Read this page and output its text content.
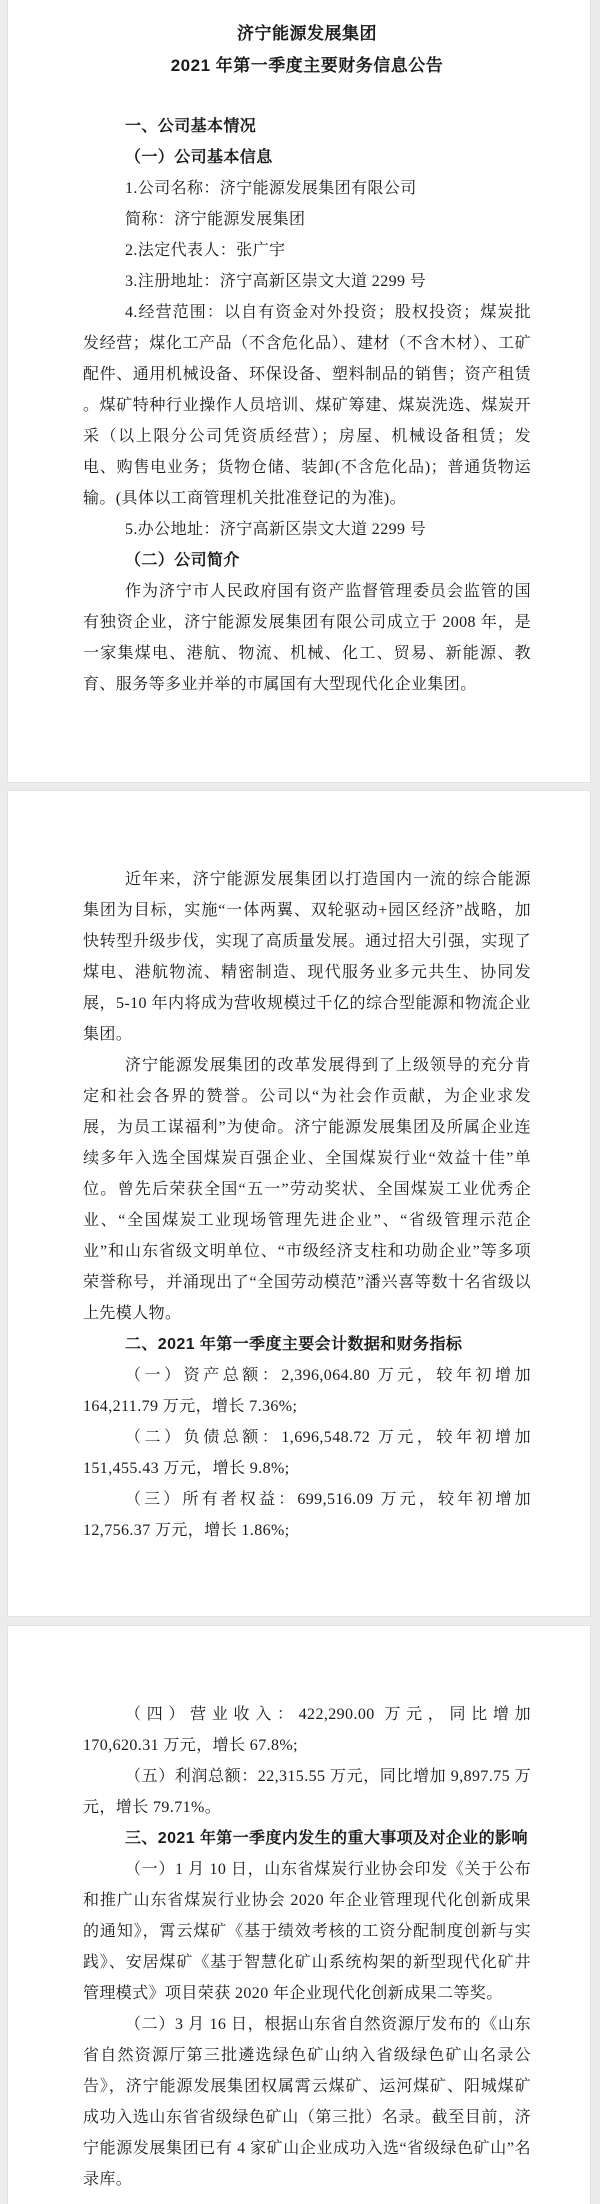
济宁能源发展集团

2021 年第一季度主要财务信息公告

一、公司基本情况

（一）公司基本信息

1.公司名称：济宁能源发展集团有限公司

简称：济宁能源发展集团

2.法定代表人：张广宇

3.注册地址：济宁高新区崇文大道 2299 号

4.经营范围：以自有资金对外投资；股权投资；煤炭批发经营；煤化工产品（不含危化品）、建材（不含木材）、工矿配件、通用机械设备、环保设备、塑料制品的销售；资产租赁 。煤矿特种行业操作人员培训、煤矿筹建、煤炭洗选、煤炭开采（以上限分公司凭资质经营）；房屋、机械设备租赁；发电、购售电业务；货物仓储、装卸(不含危化品)；普通货物运输。(具体以工商管理机关批准登记的为准)。

5.办公地址：济宁高新区崇文大道 2299 号

（二）公司简介

作为济宁市人民政府国有资产监督管理委员会监管的国有独资企业，济宁能源发展集团有限公司成立于 2008 年，是一家集煤电、港航、物流、机械、化工、贸易、新能源、教育、服务等多业并举的市属国有大型现代化企业集团。

近年来，济宁能源发展集团以打造国内一流的综合能源集团为目标，实施“一体两翼、双轮驱动+园区经济”战略，加快转型升级步伐，实现了高质量发展。通过招大引强，实现了煤电、港航物流、精密制造、现代服务业多元共生、协同发展，5-10 年内将成为营收规模过千亿的综合型能源和物流企业集团。

济宁能源发展集团的改革发展得到了上级领导的充分肯定和社会各界的赞誉。公司以“为社会作贡献，为企业求发展，为员工谋福利”为使命。济宁能源发展集团及所属企业连续多年入选全国煤炭百强企业、全国煤炭行业“效益十佳”单位。曾先后荣获全国“五一”劳动奖状、全国煤炭工业优秀企业、“全国煤炭工业现场管理先进企业”、“省级管理示范企业”和山东省级文明单位、“市级经济支柱和功勋企业”等多项荣誉称号，并涌现出了“全国劳动模范”潘兴喜等数十名省级以上先模人物。

二、2021 年第一季度主要会计数据和财务指标

（一）资产总额：2,396,064.80 万元，较年初增加 164,211.79 万元，增长 7.36%;

（二）负债总额：1,696,548.72 万元，较年初增加 151,455.43 万元，增长 9.8%;

（三）所有者权益：699,516.09 万元，较年初增加 12,756.37 万元，增长 1.86%;

（四）营业收入：422,290.00 万元，同比增加 170,620.31 万元，增长 67.8%;

（五）利润总额：22,315.55 万元，同比增加 9,897.75 万元，增长 79.71%。

三、2021 年第一季度内发生的重大事项及对企业的影响

（一）1 月 10 日，山东省煤炭行业协会印发《关于公布和推广山东省煤炭行业协会 2020 年企业管理现代化创新成果的通知》，霄云煤矿《基于绩效考核的工资分配制度创新与实践》、安居煤矿《基于智慧化矿山系统构架的新型现代化矿井管理模式》项目荣获 2020 年企业现代化创新成果二等奖。

（二）3 月 16 日，根据山东省自然资源厅发布的《山东省自然资源厅第三批遴选绿色矿山纳入省级绿色矿山名录公告》，济宁能源发展集团权属霄云煤矿、运河煤矿、阳城煤矿成功入选山东省省级绿色矿山（第三批）名录。截至目前，济宁能源发展集团已有 4 家矿山企业成功入选“省级绿色矿山”名录库。
